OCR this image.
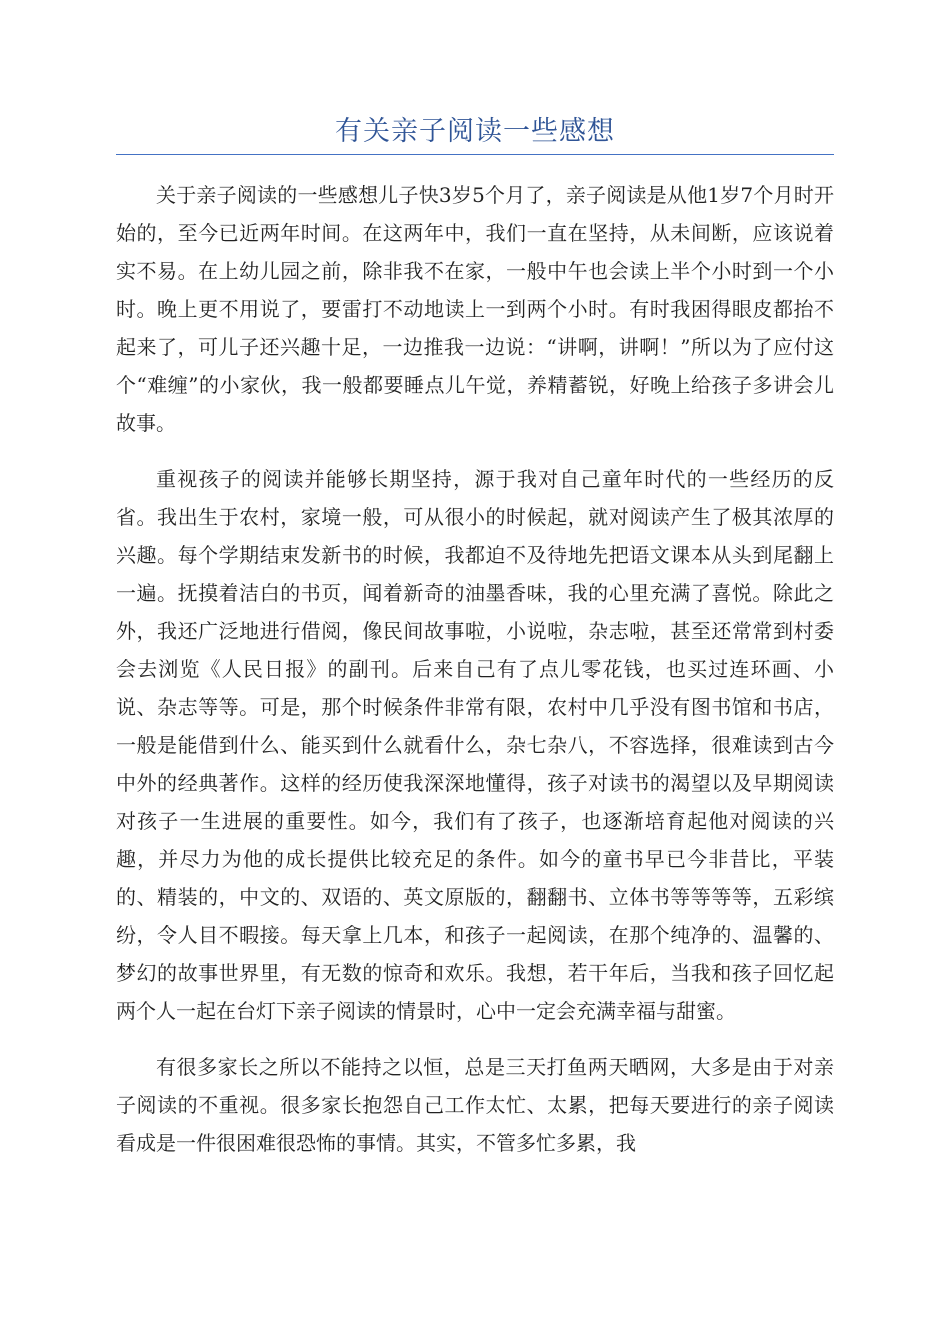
有关亲子阅读一些感想

关于亲子阅读的一些感想儿子快3岁5个月了，亲子阅读是从他1岁7个月时开始的，至今已近两年时间。在这两年中，我们一直在坚持，从未间断，应该说着实不易。在上幼儿园之前，除非我不在家，一般中午也会读上半个小时到一个小时。晚上更不用说了，要雷打不动地读上一到两个小时。有时我困得眼皮都抬不起来了，可儿子还兴趣十足，一边推我一边说：“讲啊，讲啊！”所以为了应付这个“难缠”的小家伙，我一般都要睡点儿午觉，养精蓄锐，好晚上给孩子多讲会儿故事。

重视孩子的阅读并能够长期坚持，源于我对自己童年时代的一些经历的反省。我出生于农村，家境一般，可从很小的时候起，就对阅读产生了极其浓厚的兴趣。每个学期结束发新书的时候，我都迫不及待地先把语文课本从头到尾翻上一遍。抚摸着洁白的书页，闻着新奇的油墨香味，我的心里充满了喜悦。除此之外，我还广泛地进行借阅，像民间故事啦，小说啦，杂志啦，甚至还常常到村委会去浏览《人民日报》的副刊。后来自己有了点儿零花钱，也买过连环画、小说、杂志等等。可是，那个时候条件非常有限，农村中几乎没有图书馆和书店，一般是能借到什么、能买到什么就看什么，杂七杂八，不容选择，很难读到古今中外的经典著作。这样的经历使我深深地懂得，孩子对读书的渴望以及早期阅读对孩子一生进展的重要性。如今，我们有了孩子，也逐渐培育起他对阅读的兴趣，并尽力为他的成长提供比较充足的条件。如今的童书早已今非昔比，平装的、精装的，中文的、双语的、英文原版的，翻翻书、立体书等等等等，五彩缤纷，令人目不暇接。每天拿上几本，和孩子一起阅读，在那个纯净的、温馨的、梦幻的故事世界里，有无数的惊奇和欢乐。我想，若干年后，当我和孩子回忆起两个人一起在台灯下亲子阅读的情景时，心中一定会充满幸福与甜蜜。

有很多家长之所以不能持之以恒，总是三天打鱼两天晒网，大多是由于对亲子阅读的不重视。很多家长抱怨自己工作太忙、太累，把每天要进行的亲子阅读看成是一件很困难很恐怖的事情。其实，不管多忙多累，我
